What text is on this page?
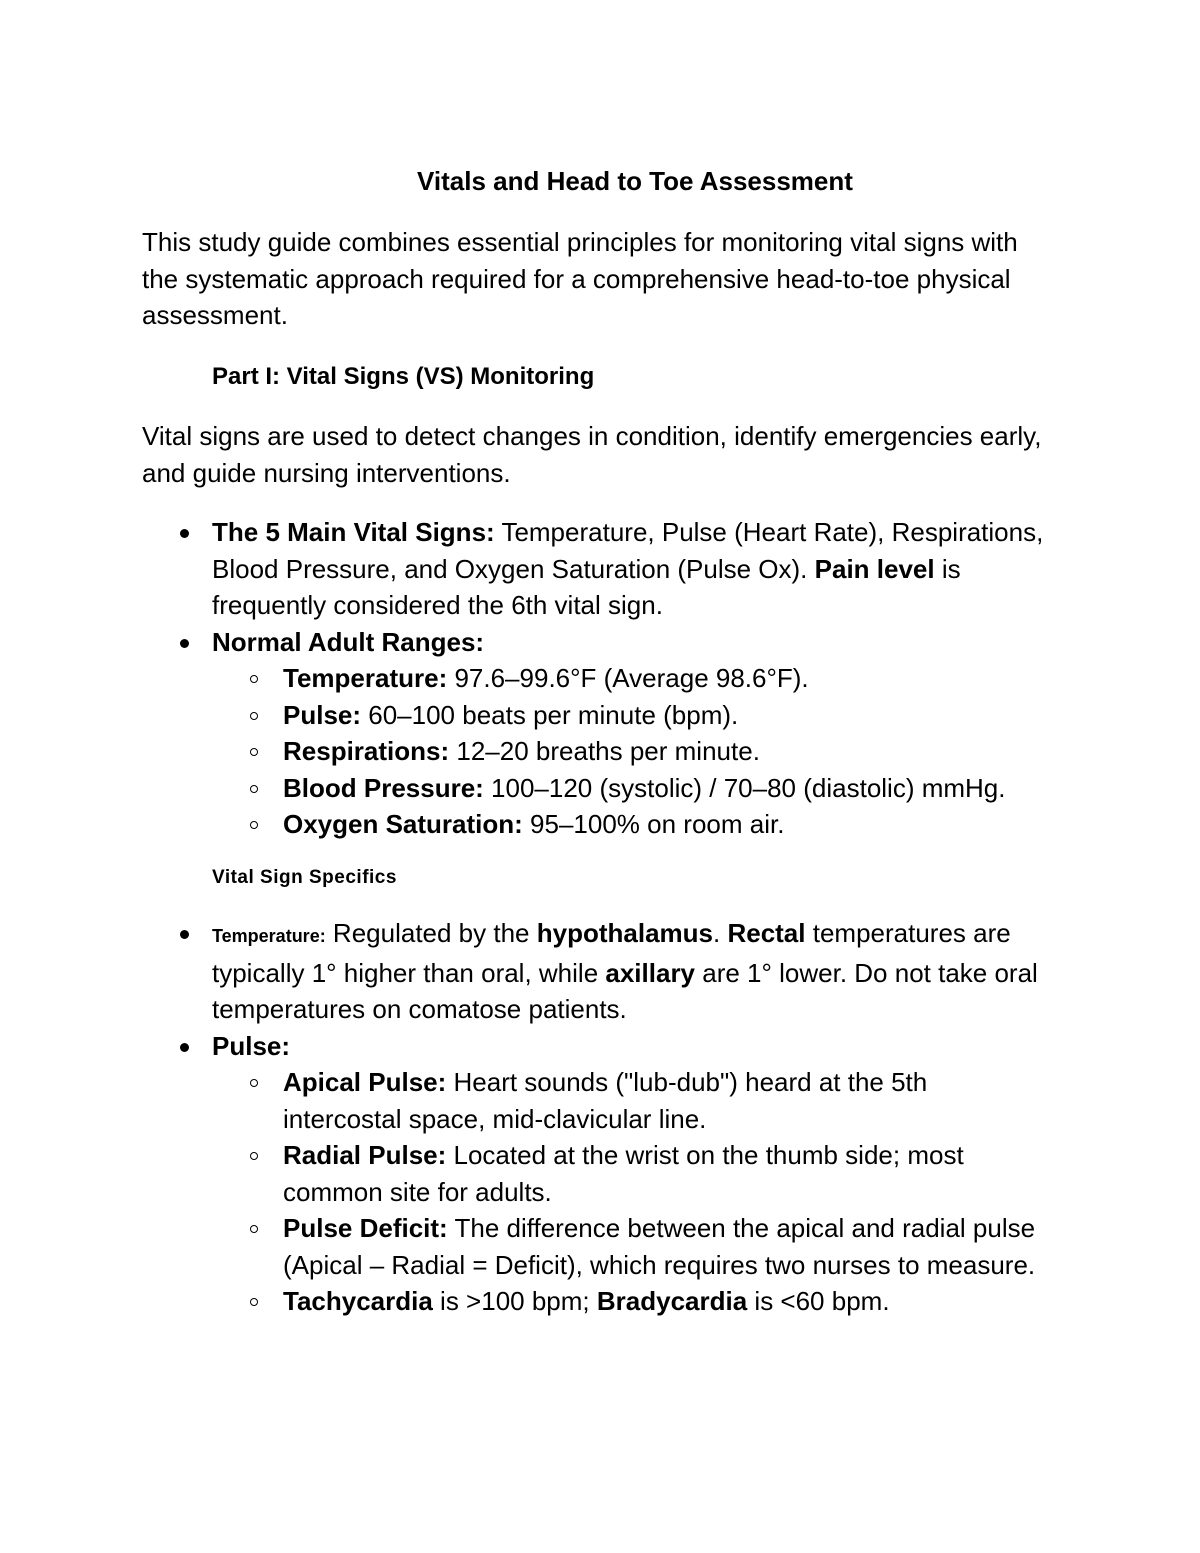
Vitals and Head to Toe Assessment
This study guide combines essential principles for monitoring vital signs with the systematic approach required for a comprehensive head-to-toe physical assessment.
Part I: Vital Signs (VS) Monitoring
Vital signs are used to detect changes in condition, identify emergencies early, and guide nursing interventions.
The 5 Main Vital Signs: Temperature, Pulse (Heart Rate), Respirations, Blood Pressure, and Oxygen Saturation (Pulse Ox). Pain level is frequently considered the 6th vital sign.
Normal Adult Ranges:
Temperature: 97.6–99.6°F (Average 98.6°F).
Pulse: 60–100 beats per minute (bpm).
Respirations: 12–20 breaths per minute.
Blood Pressure: 100–120 (systolic) / 70–80 (diastolic) mmHg.
Oxygen Saturation: 95–100% on room air.
Vital Sign Specifics
Temperature: Regulated by the hypothalamus. Rectal temperatures are typically 1° higher than oral, while axillary are 1° lower. Do not take oral temperatures on comatose patients.
Pulse:
Apical Pulse: Heart sounds ("lub-dub") heard at the 5th intercostal space, mid-clavicular line.
Radial Pulse: Located at the wrist on the thumb side; most common site for adults.
Pulse Deficit: The difference between the apical and radial pulse (Apical – Radial = Deficit), which requires two nurses to measure.
Tachycardia is >100 bpm; Bradycardia is <60 bpm.
